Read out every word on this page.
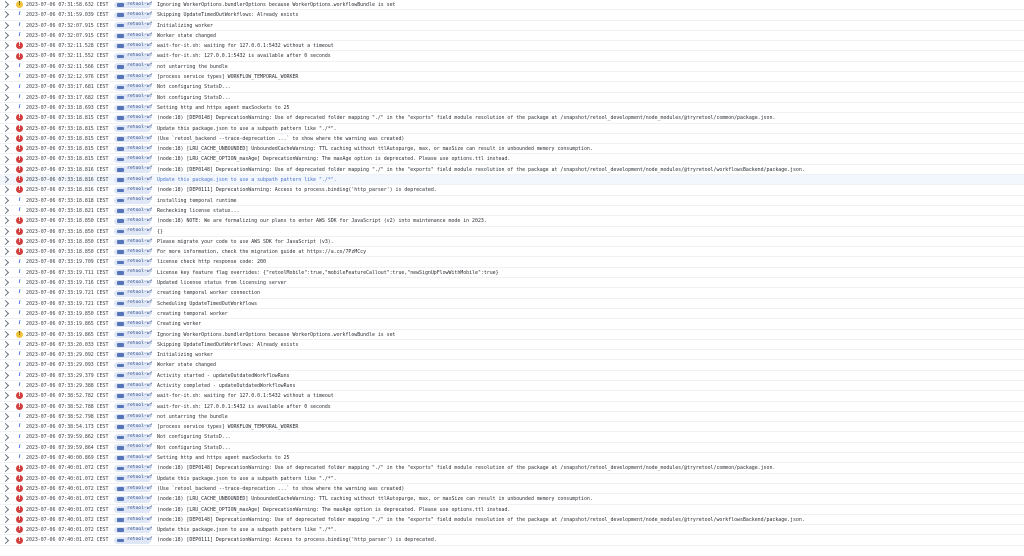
!	2023-07-06 07:31:58.632 CEST	retool-wf Ignoring WorkerOptions.bundlerOptions because WorkerOptions.workflowBundle is set
i	2023-07-06 07:31:59.039 CEST	retool-wf Skipping UpdateTimedOutWorkflows: Already exists
i	2023-07-06 07:32:07.915 CEST	retool-wf Initializing worker
i	2023-07-06 07:32:07.915 CEST	retool-wf Worker state changed
!	2023-07-06 07:32:11.528 CEST	retool-wf wait-for-it.sh: waiting for 127.0.0.1:5432 without a timeout
!	2023-07-06 07:32:11.552 CEST	retool-wf wait-for-it.sh: 127.0.0.1:5432 is available after 0 seconds
i	2023-07-06 07:32:11.566 CEST	retool-wf not untarring the bundle
i	2023-07-06 07:32:12.976 CEST	retool-wf [process service types] WORKFLOW_TEMPORAL_WORKER
i	2023-07-06 07:33:17.681 CEST	retool-wf Not configuring StatsD...
i	2023-07-06 07:33:17.682 CEST	retool-wf Not configuring StatsD...
i	2023-07-06 07:33:18.693 CEST	retool-wf Setting http and https agent maxSockets to 25
!	2023-07-06 07:33:18.815 CEST	retool-wf (node:18) [DEP0148] DeprecationWarning: Use of deprecated folder mapping "./" in the "exports" field module resolution of the package at /snapshot/retool_development/node_modules/@tryretool/common/package.json.
!	2023-07-06 07:33:18.815 CEST	retool-wf Update this package.json to use a subpath pattern like "./*".
!	2023-07-06 07:33:18.815 CEST	retool-wf (Use `retool_backend --trace-deprecation ...` to show where the warning was created)
!	2023-07-06 07:33:18.815 CEST	retool-wf (node:18) [LRU_CACHE_UNBOUNDED] UnboundedCacheWarning: TTL caching without ttlAutopurge, max, or maxSize can result in unbounded memory consumption.
!	2023-07-06 07:33:18.815 CEST	retool-wf (node:18) [LRU_CACHE_OPTION_maxAge] DeprecationWarning: The maxAge option is deprecated. Please use options.ttl instead.
!	2023-07-06 07:33:18.816 CEST	retool-wf (node:18) [DEP0148] DeprecationWarning: Use of deprecated folder mapping "./" in the "exports" field module resolution of the package at /snapshot/retool_development/node_modules/@tryretool/workflowsBackend/package.json.
!	2023-07-06 07:33:18.816 CEST	retool-wf Update this package.json to use a subpath pattern like "./*".
!	2023-07-06 07:33:18.816 CEST	retool-wf (node:18) [DEP0111] DeprecationWarning: Access to process.binding('http_parser') is deprecated.
i	2023-07-06 07:33:18.818 CEST	retool-wf installing temporal runtime
i	2023-07-06 07:33:18.821 CEST	retool-wf Rechecking license status...
!	2023-07-06 07:33:18.850 CEST	retool-wf (node:18) NOTE: We are formalizing our plans to enter AWS SDK for JavaScript (v2) into maintenance mode in 2023.
!	2023-07-06 07:33:18.850 CEST	retool-wf {}
!	2023-07-06 07:33:18.850 CEST	retool-wf Please migrate your code to use AWS SDK for JavaScript (v3).
!	2023-07-06 07:33:18.850 CEST	retool-wf For more information, check the migration guide at https://a.co/7PzMCcy
i	2023-07-06 07:33:19.709 CEST	retool-wf license check http response code: 200
i	2023-07-06 07:33:19.711 CEST	retool-wf License key feature flag overrides: {"retoolMobile":true,"mobileFeatureCallout":true,"newSignUpFlowWithMobile":true}
i	2023-07-06 07:33:19.716 CEST	retool-wf Updated license status from licensing server
i	2023-07-06 07:33:19.721 CEST	retool-wf creating temporal worker connection
i	2023-07-06 07:33:19.721 CEST	retool-wf Scheduling UpdateTimedOutWorkflows
i	2023-07-06 07:33:19.850 CEST	retool-wf creating temporal worker
i	2023-07-06 07:33:19.865 CEST	retool-wf Creating worker
!	2023-07-06 07:33:19.865 CEST	retool-wf Ignoring WorkerOptions.bundlerOptions because WorkerOptions.workflowBundle is set
i	2023-07-06 07:33:20.033 CEST	retool-wf Skipping UpdateTimedOutWorkflows: Already exists
i	2023-07-06 07:33:29.092 CEST	retool-wf Initializing worker
i	2023-07-06 07:33:29.093 CEST	retool-wf Worker state changed
i	2023-07-06 07:33:29.379 CEST	retool-wf Activity started - updateOutdatedWorkflowRuns
i	2023-07-06 07:33:29.388 CEST	retool-wf Activity completed - updateOutdatedWorkflowRuns
!	2023-07-06 07:38:52.782 CEST	retool-wf wait-for-it.sh: waiting for 127.0.0.1:5432 without a timeout
!	2023-07-06 07:38:52.788 CEST	retool-wf wait-for-it.sh: 127.0.0.1:5432 is available after 0 seconds
i	2023-07-06 07:38:52.798 CEST	retool-wf not untarring the bundle
i	2023-07-06 07:38:54.173 CEST	retool-wf [process service types] WORKFLOW_TEMPORAL_WORKER
i	2023-07-06 07:39:59.862 CEST	retool-wf Not configuring StatsD...
i	2023-07-06 07:39:59.864 CEST	retool-wf Not configuring StatsD...
i	2023-07-06 07:40:00.869 CEST	retool-wf Setting http and https agent maxSockets to 25
!	2023-07-06 07:40:01.072 CEST	retool-wf (node:18) [DEP0148] DeprecationWarning: Use of deprecated folder mapping "./" in the "exports" field module resolution of the package at /snapshot/retool_development/node_modules/@tryretool/common/package.json.
!	2023-07-06 07:40:01.072 CEST	retool-wf Update this package.json to use a subpath pattern like "./*".
!	2023-07-06 07:40:01.072 CEST	retool-wf (Use `retool_backend --trace-deprecation ...` to show where the warning was created)
!	2023-07-06 07:40:01.072 CEST	retool-wf (node:18) [LRU_CACHE_UNBOUNDED] UnboundedCacheWarning: TTL caching without ttlAutopurge, max, or maxSize can result in unbounded memory consumption.
!	2023-07-06 07:40:01.072 CEST	retool-wf (node:18) [LRU_CACHE_OPTION_maxAge] DeprecationWarning: The maxAge option is deprecated. Please use options.ttl instead.
!	2023-07-06 07:40:01.072 CEST	retool-wf (node:18) [DEP0148] DeprecationWarning: Use of deprecated folder mapping "./" in the "exports" field module resolution of the package at /snapshot/retool_development/node_modules/@tryretool/workflowsBackend/package.json.
!	2023-07-06 07:40:01.072 CEST	retool-wf Update this package.json to use a subpath pattern like "./*".
!	2023-07-06 07:40:01.072 CEST	retool-wf (node:18) [DEP0111] DeprecationWarning: Access to process.binding('http_parser') is deprecated.
